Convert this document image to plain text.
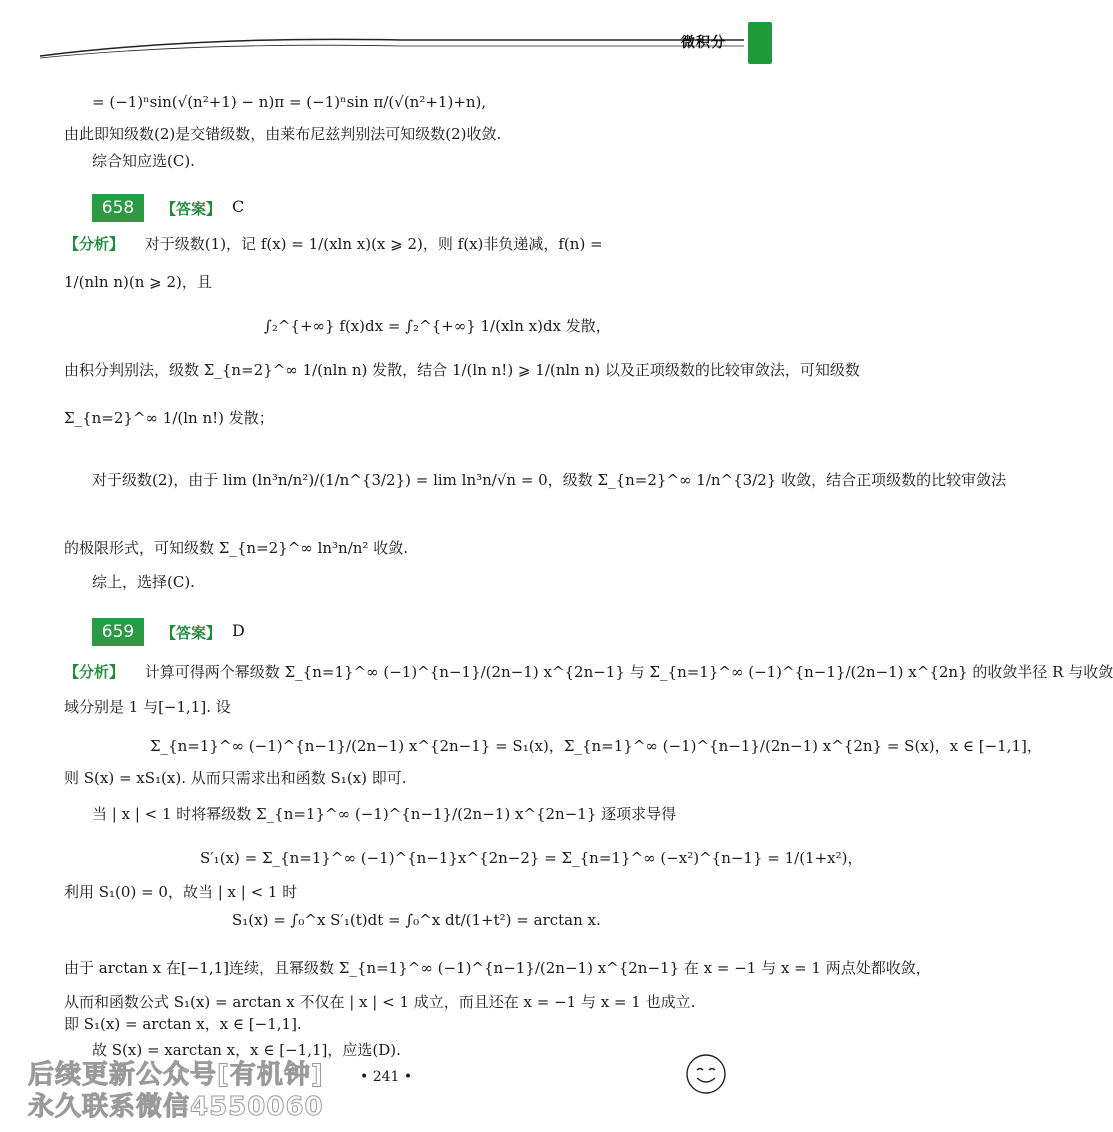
微积分
= (−1)ⁿsin(√(n²+1) − n)π = (−1)ⁿsin π/(√(n²+1)+n),
由此即知级数(2)是交错级数，由莱布尼兹判别法可知级数(2)收敛.
综合知应选(C).
658	【答案】 C
【分析】 对于级数(1)，记 f(x) = 1/(xln x)(x ⩾ 2)，则 f(x)非负递减，f(n) =
1/(nln n)(n ⩾ 2)，且
∫₂^{+∞} f(x)dx = ∫₂^{+∞} 1/(xln x)dx 发散，
由积分判别法，级数 Σ_{n=2}^∞ 1/(nln n) 发散，结合 1/(ln n!) ⩾ 1/(nln n) 以及正项级数的比较审敛法，可知级数
Σ_{n=2}^∞ 1/(ln n!) 发散；
对于级数(2)，由于 lim (ln³n/n²)/(1/n^{3/2}) = lim ln³n/√n = 0，级数 Σ_{n=2}^∞ 1/n^{3/2} 收敛，结合正项级数的比较审敛法
的极限形式，可知级数 Σ_{n=2}^∞ ln³n/n² 收敛.
综上，选择(C).
659	【答案】 D
【分析】 计算可得两个幂级数 Σ_{n=1}^∞ (−1)^{n−1}/(2n−1) x^{2n−1} 与 Σ_{n=1}^∞ (−1)^{n−1}/(2n−1) x^{2n} 的收敛半径 R 与收敛
域分别是 1 与[−1,1]. 设
Σ_{n=1}^∞ (−1)^{n−1}/(2n−1) x^{2n−1} = S₁(x)，Σ_{n=1}^∞ (−1)^{n−1}/(2n−1) x^{2n} = S(x)，x ∈ [−1,1]，
则 S(x) = xS₁(x). 从而只需求出和函数 S₁(x) 即可.
当 | x | < 1 时将幂级数 Σ_{n=1}^∞ (−1)^{n−1}/(2n−1) x^{2n−1} 逐项求导得
S′₁(x) = Σ_{n=1}^∞ (−1)^{n−1}x^{2n−2} = Σ_{n=1}^∞ (−x²)^{n−1} = 1/(1+x²)，
利用 S₁(0) = 0，故当 | x | < 1 时
S₁(x) = ∫₀^x S′₁(t)dt = ∫₀^x dt/(1+t²) = arctan x.
由于 arctan x 在[−1,1]连续，且幂级数 Σ_{n=1}^∞ (−1)^{n−1}/(2n−1) x^{2n−1} 在 x = −1 与 x = 1 两点处都收敛，
从而和函数公式 S₁(x) = arctan x 不仅在 | x | < 1 成立，而且还在 x = −1 与 x = 1 也成立.
即 S₁(x) = arctan x，x ∈ [−1,1].
故 S(x) = xarctan x，x ∈ [−1,1]，应选(D).
• 241 •
后续更新公众号[有机钟]
永久联系微信4550060
